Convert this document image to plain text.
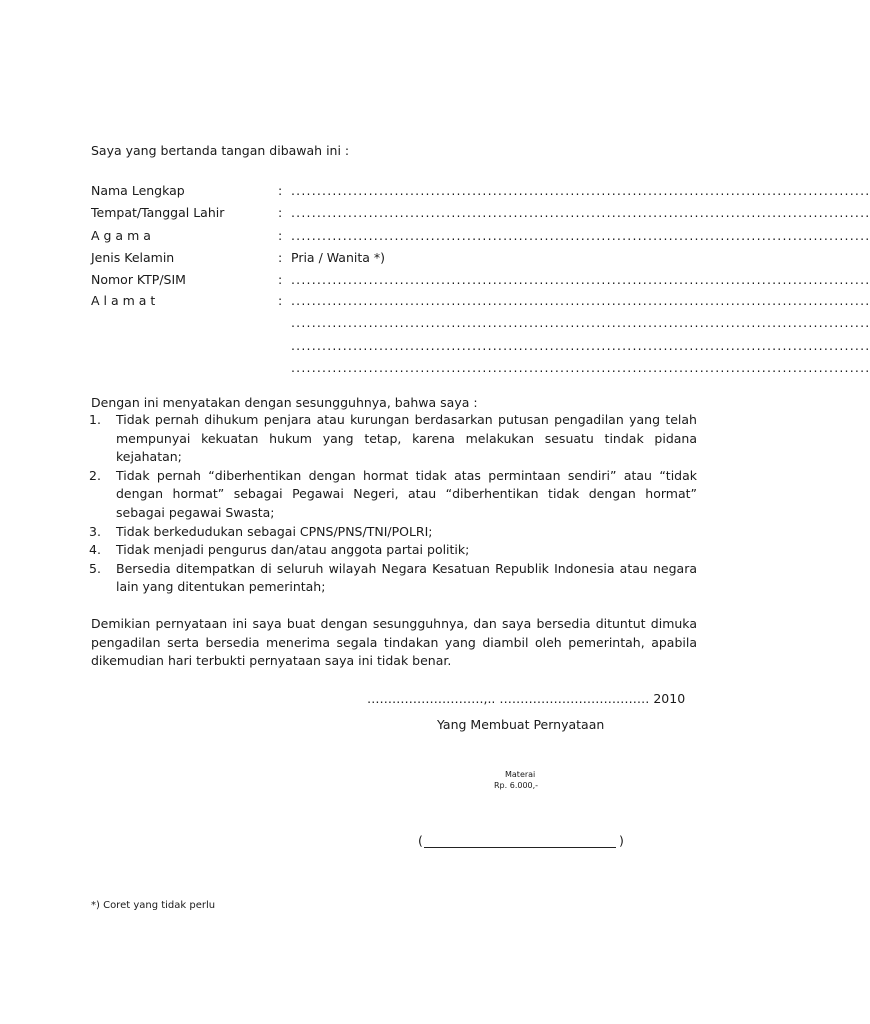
Saya yang bertanda tangan dibawah ini :
Nama Lengkap	: ................................................................................................................
Tempat/Tanggal Lahir	: ................................................................................................................
A g a m a	: ................................................................................................................
Jenis Kelamin	: Pria / Wanita *)
Nomor KTP/SIM	: ................................................................................................................
A l a m a t	: ................................................................................................................
................................................................................................................
................................................................................................................
................................................................................................................
Dengan ini menyatakan dengan sesungguhnya, bahwa saya :
1.	Tidak pernah dihukum penjara atau kurungan berdasarkan putusan pengadilan yang telah mempunyai kekuatan hukum yang tetap, karena melakukan sesuatu tindak pidana kejahatan;
2.	Tidak pernah “diberhentikan dengan hormat tidak atas permintaan sendiri” atau “tidak dengan hormat” sebagai Pegawai Negeri, atau “diberhentikan tidak dengan hormat” sebagai pegawai Swasta;
3.	Tidak berkedudukan sebagai CPNS/PNS/TNI/POLRI;
4.	Tidak menjadi pengurus dan/atau anggota partai politik;
5.	Bersedia ditempatkan di seluruh wilayah Negara Kesatuan Republik Indonesia atau negara lain yang ditentukan pemerintah;
Demikian pernyataan ini saya buat dengan sesungguhnya, dan saya bersedia dituntut dimuka pengadilan serta bersedia menerima segala tindakan yang diambil oleh pemerintah, apabila dikemudian hari terbukti pernyataan saya ini tidak benar.
……………………….,.. ……………………………… 2010
Yang Membuat Pernyataan
Materai
Rp. 6.000,-
(	)
*) Coret yang tidak perlu
